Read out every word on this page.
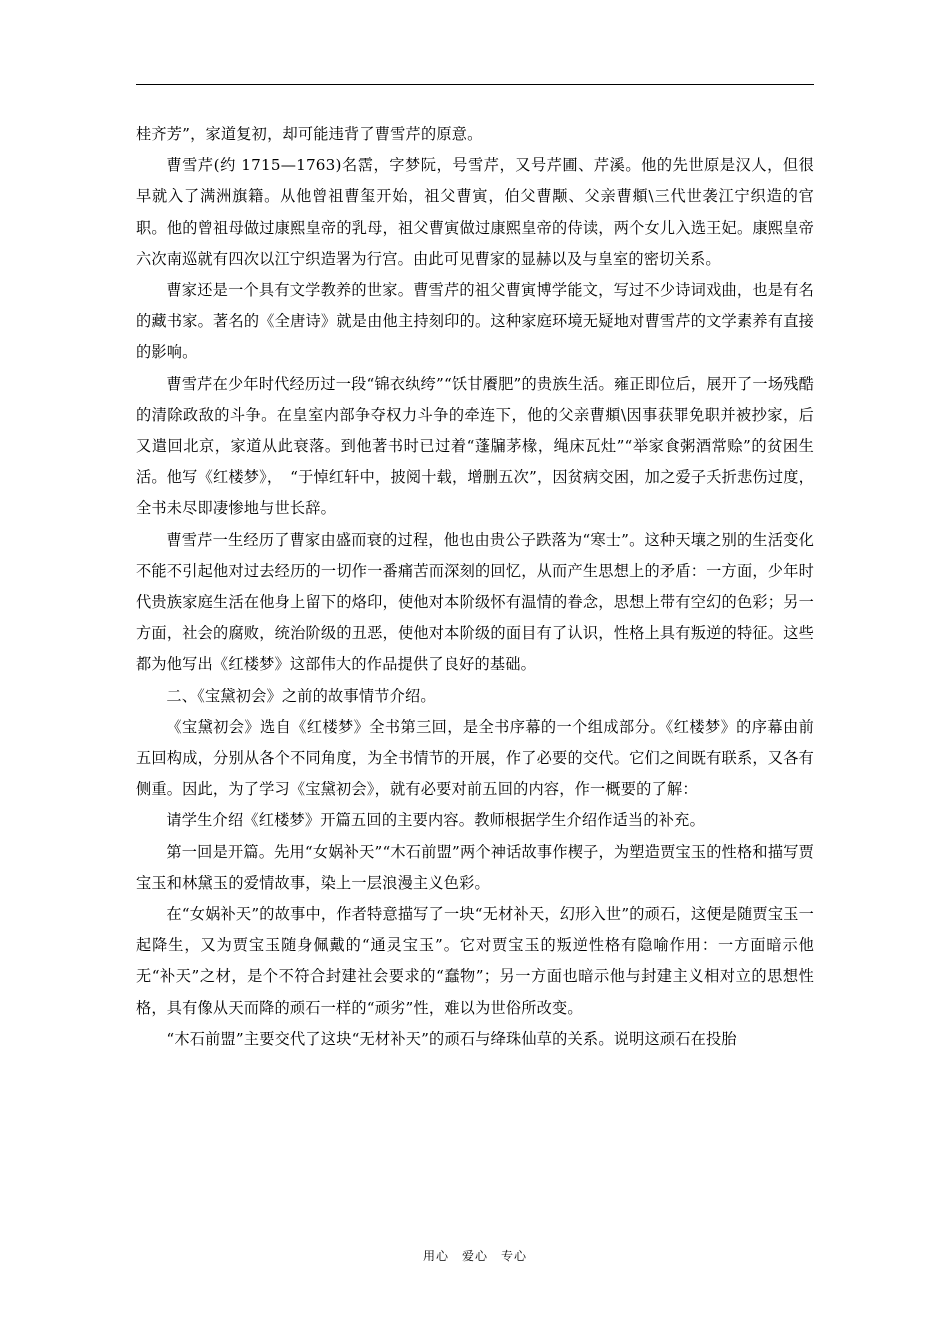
桂齐芳”，家道复初，却可能违背了曹雪芹的原意。

曹雪芹(约 1715—1763)名霑，字梦阮，号雪芹，又号芹圃、芹溪。他的先世原是汉人，但很早就入了满洲旗籍。从他曾祖曹玺开始，祖父曹寅，伯父曹颙、父亲曹頫\三代世袭江宁织造的官职。他的曾祖母做过康熙皇帝的乳母，祖父曹寅做过康熙皇帝的侍读，两个女儿入选王妃。康熙皇帝六次南巡就有四次以江宁织造署为行宫。由此可见曹家的显赫以及与皇室的密切关系。

曹家还是一个具有文学教养的世家。曹雪芹的祖父曹寅博学能文，写过不少诗词戏曲，也是有名的藏书家。著名的《全唐诗》就是由他主持刻印的。这种家庭环境无疑地对曹雪芹的文学素养有直接的影响。

曹雪芹在少年时代经历过一段“锦衣纨绔”“饫甘餍肥”的贵族生活。雍正即位后，展开了一场残酷的清除政敌的斗争。在皇室内部争夺权力斗争的牵连下，他的父亲曹頫\因事获罪免职并被抄家，后又遣回北京，家道从此衰落。到他著书时已过着“蓬牖茅椽，绳床瓦灶”“举家食粥酒常赊”的贫困生活。他写《红楼梦》，　“于悼红轩中，披阅十载，增删五次”，因贫病交困，加之爱子夭折悲伤过度，全书未尽即凄惨地与世长辞。

曹雪芹一生经历了曹家由盛而衰的过程，他也由贵公子跌落为“寒士”。这种天壤之别的生活变化不能不引起他对过去经历的一切作一番痛苦而深刻的回忆，从而产生思想上的矛盾：一方面，少年时代贵族家庭生活在他身上留下的烙印，使他对本阶级怀有温情的眷念，思想上带有空幻的色彩；另一方面，社会的腐败，统治阶级的丑恶，使他对本阶级的面目有了认识，性格上具有叛逆的特征。这些都为他写出《红楼梦》这部伟大的作品提供了良好的基础。

二、《宝黛初会》之前的故事情节介绍。

《宝黛初会》选自《红楼梦》全书第三回，是全书序幕的一个组成部分。《红楼梦》的序幕由前五回构成，分别从各个不同角度，为全书情节的开展，作了必要的交代。它们之间既有联系，又各有侧重。因此，为了学习《宝黛初会》，就有必要对前五回的内容，作一概要的了解：

请学生介绍《红楼梦》开篇五回的主要内容。教师根据学生介绍作适当的补充。

第一回是开篇。先用“女娲补天”“木石前盟”两个神话故事作楔子，为塑造贾宝玉的性格和描写贾宝玉和林黛玉的爱情故事，染上一层浪漫主义色彩。

在“女娲补天”的故事中，作者特意描写了一块“无材补天，幻形入世”的顽石，这便是随贾宝玉一起降生，又为贾宝玉随身佩戴的“通灵宝玉”。它对贾宝玉的叛逆性格有隐喻作用：一方面暗示他无“补天”之材，是个不符合封建社会要求的“蠢物”；另一方面也暗示他与封建主义相对立的思想性格，具有像从天而降的顽石一样的“顽劣”性，难以为世俗所改变。

“木石前盟”主要交代了这块“无材补天”的顽石与绛珠仙草的关系。说明这顽石在投胎

用心　爱心　专心
